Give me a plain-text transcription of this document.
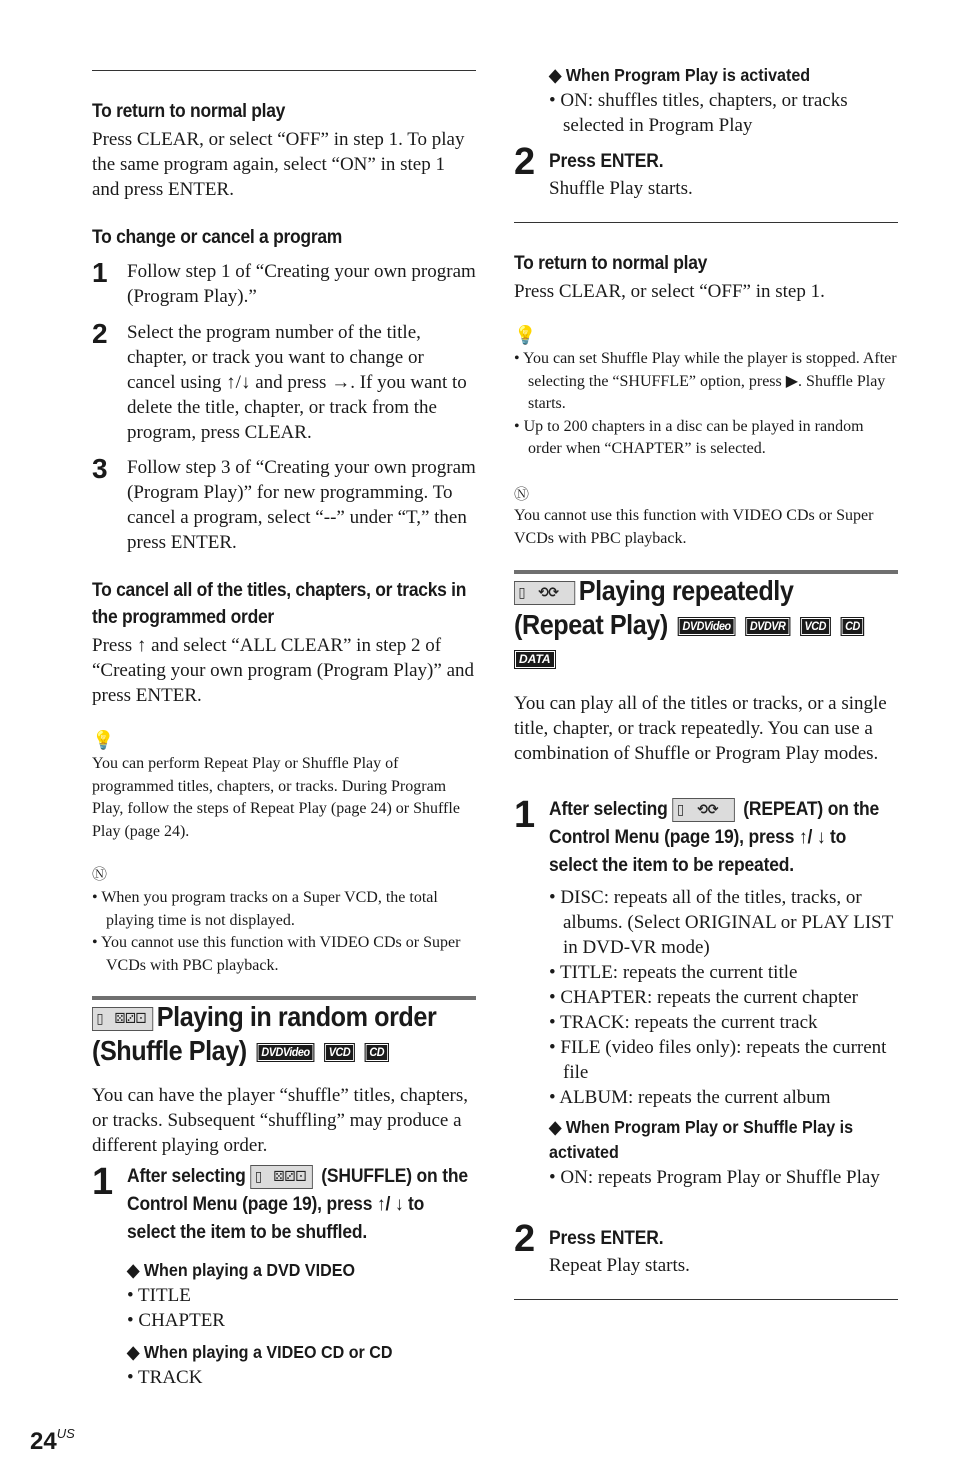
To return to normal play
Press CLEAR, or select “OFF” in step 1. To play the same program again, select “ON” in step 1 and press ENTER.
To change or cancel a program
1 Follow step 1 of “Creating your own program (Program Play).”
2 Select the program number of the title, chapter, or track you want to change or cancel using ↑/↓ and press →. If you want to delete the title, chapter, or track from the program, press CLEAR.
3 Follow step 3 of “Creating your own program (Program Play)” for new programming. To cancel a program, select “--” under “T,” then press ENTER.
To cancel all of the titles, chapters, or tracks in the programmed order
Press ↑ and select “ALL CLEAR” in step 2 of “Creating your own program (Program Play)” and press ENTER.
💡
You can perform Repeat Play or Shuffle Play of programmed titles, chapters, or tracks. During Program Play, follow the steps of Repeat Play (page 24) or Shuffle Play (page 24).
Ⓝ
• When you program tracks on a Super VCD, the total playing time is not displayed.
• You cannot use this function with VIDEO CDs or Super VCDs with PBC playback.
▯ ⚄⚂⚀ Playing in random order
(Shuffle Play) DVDVideo VCD CD
You can have the player “shuffle” titles, chapters, or tracks. Subsequent “shuffling” may produce a different playing order.
1 After selecting ▯ ⚄⚂⚀ (SHUFFLE) on the Control Menu (page 19), press ↑/ ↓ to select the item to be shuffled.
◆ When playing a DVD VIDEO
• TITLE
• CHAPTER
◆ When playing a VIDEO CD or CD
• TRACK
◆ When Program Play is activated
• ON: shuffles titles, chapters, or tracks selected in Program Play
2 Press ENTER.
Shuffle Play starts.
To return to normal play
Press CLEAR, or select “OFF” in step 1.
💡
• You can set Shuffle Play while the player is stopped. After selecting the “SHUFFLE” option, press ▶. Shuffle Play starts.
• Up to 200 chapters in a disc can be played in random order when “CHAPTER” is selected.
Ⓝ
You cannot use this function with VIDEO CDs or Super VCDs with PBC playback.
▯ ⟲⟳ Playing repeatedly
(Repeat Play) DVDVideo DVDVR VCD CD
DATA
You can play all of the titles or tracks, or a single title, chapter, or track repeatedly. You can use a combination of Shuffle or Program Play modes.
1 After selecting ▯ ⟲⟳ (REPEAT) on the Control Menu (page 19), press ↑/ ↓ to select the item to be repeated.
• DISC: repeats all of the titles, tracks, or albums. (Select ORIGINAL or PLAY LIST in DVD-VR mode)
• TITLE: repeats the current title
• CHAPTER: repeats the current chapter
• TRACK: repeats the current track
• FILE (video files only): repeats the current file
• ALBUM: repeats the current album
◆ When Program Play or Shuffle Play is activated
• ON: repeats Program Play or Shuffle Play
2 Press ENTER.
Repeat Play starts.
$24^{US}$
